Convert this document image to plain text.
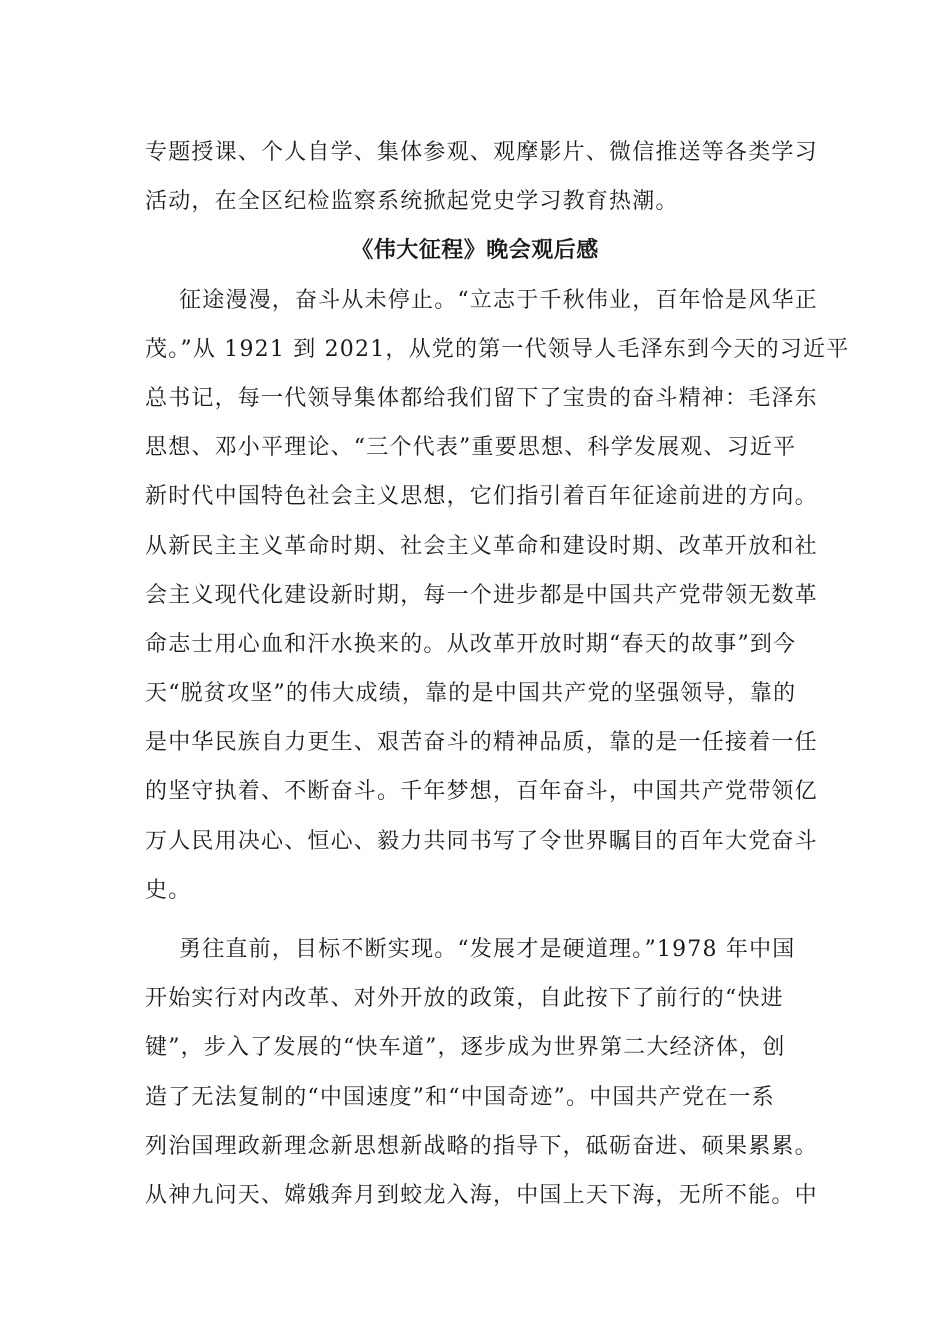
专题授课、个人自学、集体参观、观摩影片、微信推送等各类学习
活动，在全区纪检监察系统掀起党史学习教育热潮。
《伟大征程》晚会观后感
征途漫漫，奋斗从未停止。“立志于千秋伟业，百年恰是风华正
茂。”从 1921 到 2021，从党的第一代领导人毛泽东到今天的习近平
总书记，每一代领导集体都给我们留下了宝贵的奋斗精神：毛泽东
思想、邓小平理论、“三个代表”重要思想、科学发展观、习近平
新时代中国特色社会主义思想，它们指引着百年征途前进的方向。
从新民主主义革命时期、社会主义革命和建设时期、改革开放和社
会主义现代化建设新时期，每一个进步都是中国共产党带领无数革
命志士用心血和汗水换来的。从改革开放时期“春天的故事”到今
天“脱贫攻坚”的伟大成绩，靠的是中国共产党的坚强领导，靠的
是中华民族自力更生、艰苦奋斗的精神品质，靠的是一任接着一任
的坚守执着、不断奋斗。千年梦想，百年奋斗，中国共产党带领亿
万人民用决心、恒心、毅力共同书写了令世界瞩目的百年大党奋斗
史。
勇往直前，目标不断实现。“发展才是硬道理。”1978 年中国
开始实行对内改革、对外开放的政策，自此按下了前行的“快进
键”，步入了发展的“快车道”，逐步成为世界第二大经济体，创
造了无法复制的“中国速度”和“中国奇迹”。中国共产党在一系
列治国理政新理念新思想新战略的指导下，砥砺奋进、硕果累累。
从神九问天、嫦娥奔月到蛟龙入海，中国上天下海，无所不能。中
